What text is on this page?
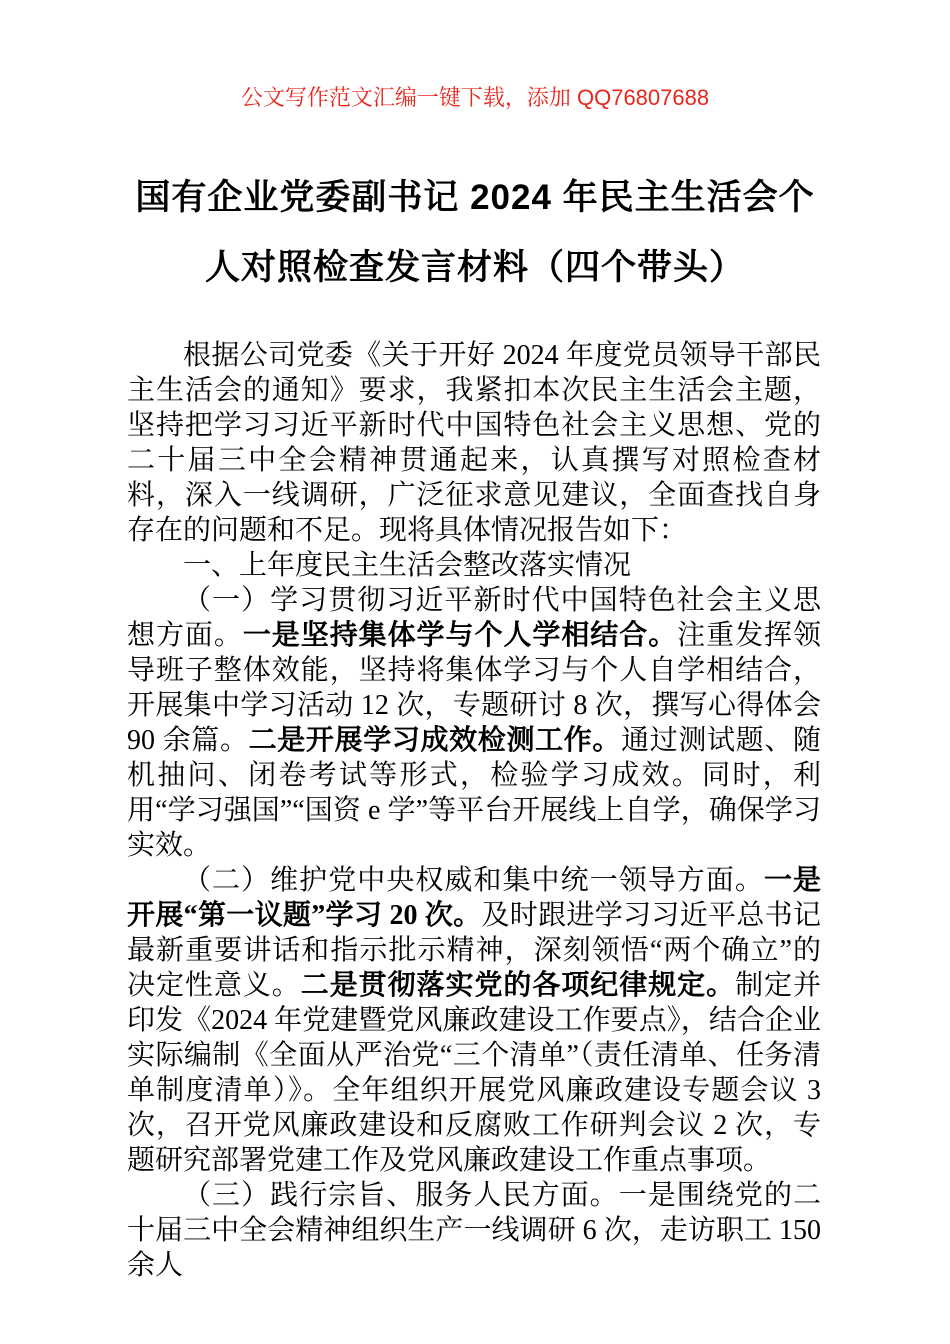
公文写作范文汇编一键下载，添加 QQ76807688
国有企业党委副书记 2024 年民主生活会个
人对照检查发言材料（四个带头）

根据公司党委《关于开好 2024 年度党员领导干部民主生活会的通知》要求，我紧扣本次民主生活会主题，坚持把学习习近平新时代中国特色社会主义思想、党的二十届三中全会精神贯通起来，认真撰写对照检查材料，深入一线调研，广泛征求意见建议，全面查找自身存在的问题和不足。现将具体情况报告如下：

一、上年度民主生活会整改落实情况

（一）学习贯彻习近平新时代中国特色社会主义思想方面。一是坚持集体学与个人学相结合。注重发挥领导班子整体效能，坚持将集体学习与个人自学相结合，开展集中学习活动 12 次，专题研讨 8 次，撰写心得体会 90 余篇。二是开展学习成效检测工作。通过测试题、随机抽问、闭卷考试等形式，检验学习成效。同时，利用“学习强国”“国资 e 学”等平台开展线上自学，确保学习实效。

（二）维护党中央权威和集中统一领导方面。一是开展“第一议题”学习 20 次。及时跟进学习习近平总书记最新重要讲话和指示批示精神，深刻领悟“两个确立”的决定性意义。二是贯彻落实党的各项纪律规定。制定并印发《2024 年党建暨党风廉政建设工作要点》，结合企业实际编制《全面从严治党“三个清单”（责任清单、任务清单制度清单）》。全年组织开展党风廉政建设专题会议 3 次，召开党风廉政建设和反腐败工作研判会议 2 次，专题研究部署党建工作及党风廉政建设工作重点事项。

（三）践行宗旨、服务人民方面。一是围绕党的二十届三中全会精神组织生产一线调研 6 次，走访职工 150 余人
